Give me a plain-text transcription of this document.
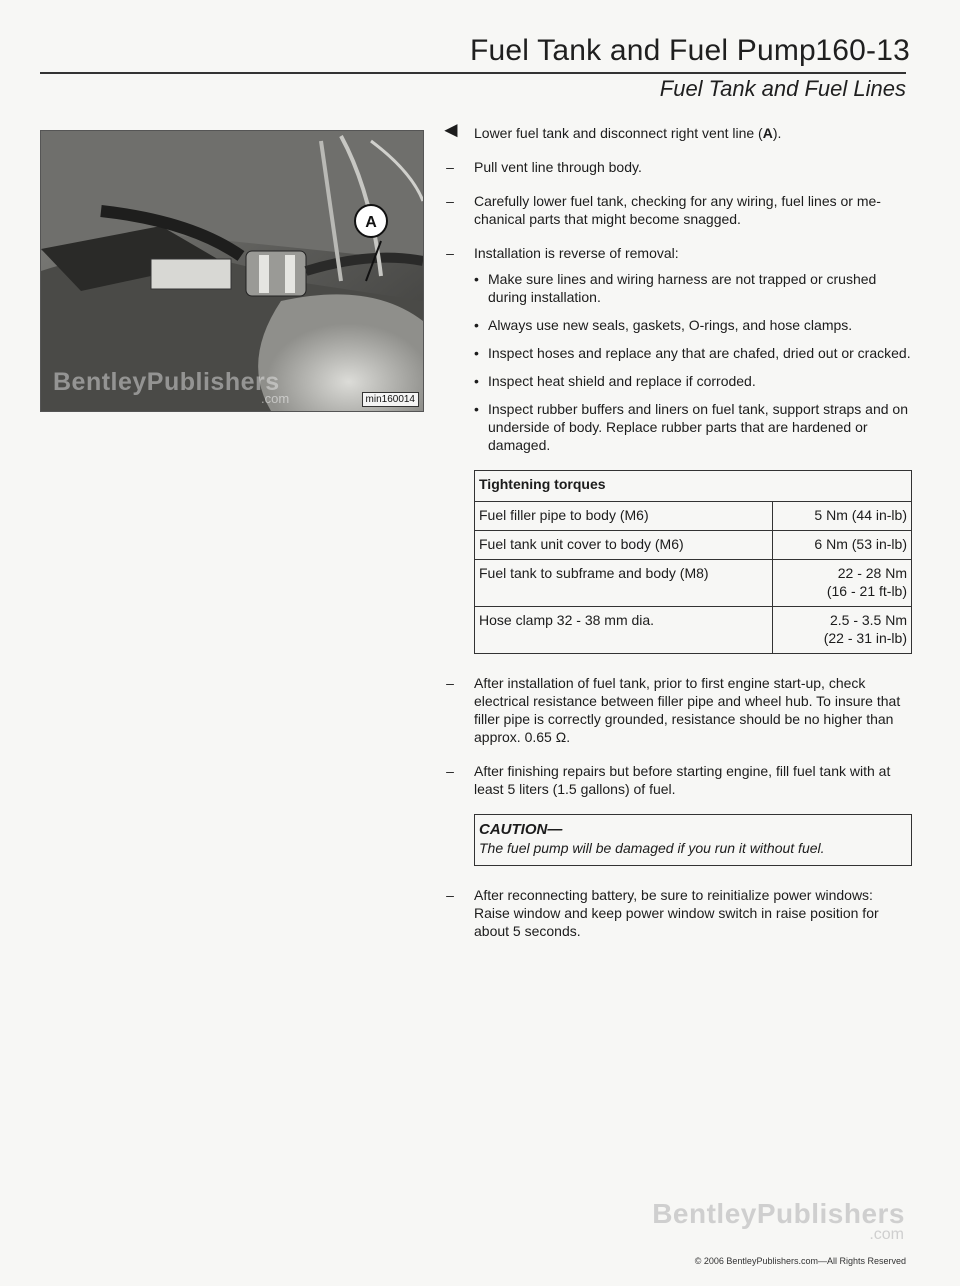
Fuel Tank and Fuel Pump 160-13
Fuel Tank and Fuel Lines
A
BentleyPublishers
.com	min160014
◄ Lower fuel tank and disconnect right vent line (A).
–	Pull vent line through body.
–	Carefully lower fuel tank, checking for any wiring, fuel lines or mechanical parts that might become snagged.
–	Installation is reverse of removal:
• Make sure lines and wiring harness are not trapped or crushed during installation.
• Always use new seals, gaskets, O-rings, and hose clamps.
• Inspect hoses and replace any that are chafed, dried out or cracked.
• Inspect heat shield and replace if corroded.
• Inspect rubber buffers and liners on fuel tank, support straps and on underside of body. Replace rubber parts that are hardened or damaged.
Tightening torques	
Fuel filler pipe to body (M6)	5 Nm (44 in-lb)

Fuel tank unit cover to body (M6)	6 Nm (53 in-lb)

Fuel tank to subframe and body (M8)	22 - 28 Nm
(16 - 21 ft-lb)

Hose clamp 32 - 38 mm dia.	2.5 - 3.5 Nm
(22 - 31 in-lb)
–	After installation of fuel tank, prior to first engine start-up, check electrical resistance between filler pipe and wheel hub. To insure that filler pipe is correctly grounded, resistance should be no higher than approx. 0.65 Ω.
–	After finishing repairs but before starting engine, fill fuel tank with at least 5 liters (1.5 gallons) of fuel.
CAUTION—
The fuel pump will be damaged if you run it without fuel.
–	After reconnecting battery, be sure to reinitialize power windows: Raise window and keep power window switch in raise position for about 5 seconds.
BentleyPublishers
.com
© 2006 BentleyPublishers.com—All Rights Reserved
